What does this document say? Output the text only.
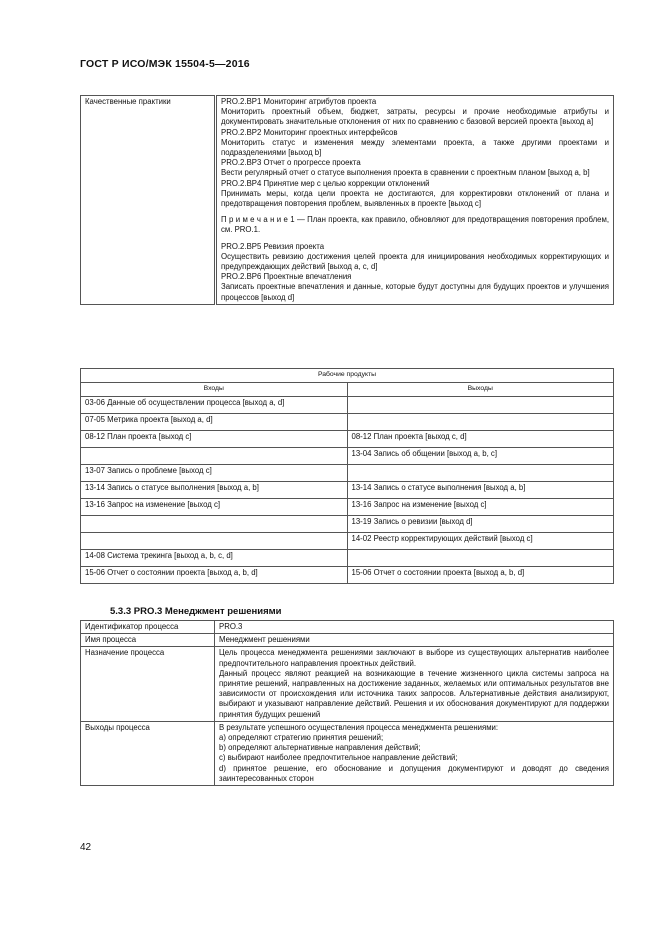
ГОСТ Р ИСО/МЭК 15504-5—2016
Качественные практики	PRO.2.BP1 Мониторинг атрибутов проекта
Мониторить проектный объем, бюджет, затраты, ресурсы и прочие необходимые атрибуты и документировать значительные отклонения от них по сравнению с базовой версией проекта [выход a]
PRO.2.BP2 Мониторинг проектных интерфейсов
Мониторить статус и изменения между элементами проекта, а также другими проектами и подразделениями [выход b]
PRO.2.BP3 Отчет о прогрессе проекта
Вести регулярный отчет о статусе выполнения проекта в сравнении с проектным планом [выход a, b]
PRO.2.BP4 Принятие мер с целью коррекции отклонений
Принимать меры, когда цели проекта не достигаются, для корректировки отклонений от плана и предотвращения повторения проблем, выявленных в проекте [выход c]
П р и м е ч а н и е 1 — План проекта, как правило, обновляют для предотвращения повторения проблем, см. PRO.1.
PRO.2.BP5 Ревизия проекта
Осуществить ревизию достижения целей проекта для инициирования необходимых корректирующих и предупреждающих действий [выход a, c, d]
PRO.2.BP6 Проектные впечатления
Записать проектные впечатления и данные, которые будут доступны для будущих проектов и улучшения процессов [выход d]
Рабочие продукты	
Входы	Выходы
03-06 Данные об осуществлении процесса [выход a, d]	
07-05 Метрика проекта [выход a, d]	
08-12 План проекта [выход c]	08-12 План проекта [выход c, d]
	13-04 Запись об общении [выход a, b, c]
13-07 Запись о проблеме [выход c]	
13-14 Запись о статусе выполнения [выход a, b]	13-14 Запись о статусе выполнения [выход a, b]
13-16 Запрос на изменение [выход c]	13-16 Запрос на изменение [выход c]
	13-19 Запись о ревизии [выход d]
	14-02 Реестр корректирующих действий [выход c]
14-08 Система трекинга [выход a, b, c, d]	
15-06 Отчет о состоянии проекта [выход a, b, d]	15-06 Отчет о состоянии проекта [выход a, b, d]
5.3.3 PRO.3 Менеджмент решениями
Идентификатор процесса	PRO.3
Имя процесса	Менеджмент решениями
Назначение процесса	Цель процесса менеджмента решениями заключают в выборе из существующих альтернатив наиболее предпочтительного направления проектных действий.
Данный процесс являют реакцией на возникающие в течение жизненного цикла системы запроса на принятие решений, направленных на достижение заданных, желаемых или оптимальных результатов вне зависимости от происхождения или источника таких запросов. Альтернативные действия анализируют, выбирают и указывают направление действий. Решения и их обоснования документируют для поддержки принятия будущих решений

Выходы процесса	В результате успешного осуществления процесса менеджмента решениями:
a) определяют стратегию принятия решений;
b) определяют альтернативные направления действий;
c) выбирают наиболее предпочтительное направление действий;
d) принятое решение, его обоснование и допущения документируют и доводят до сведения заинтересованных сторон
42
